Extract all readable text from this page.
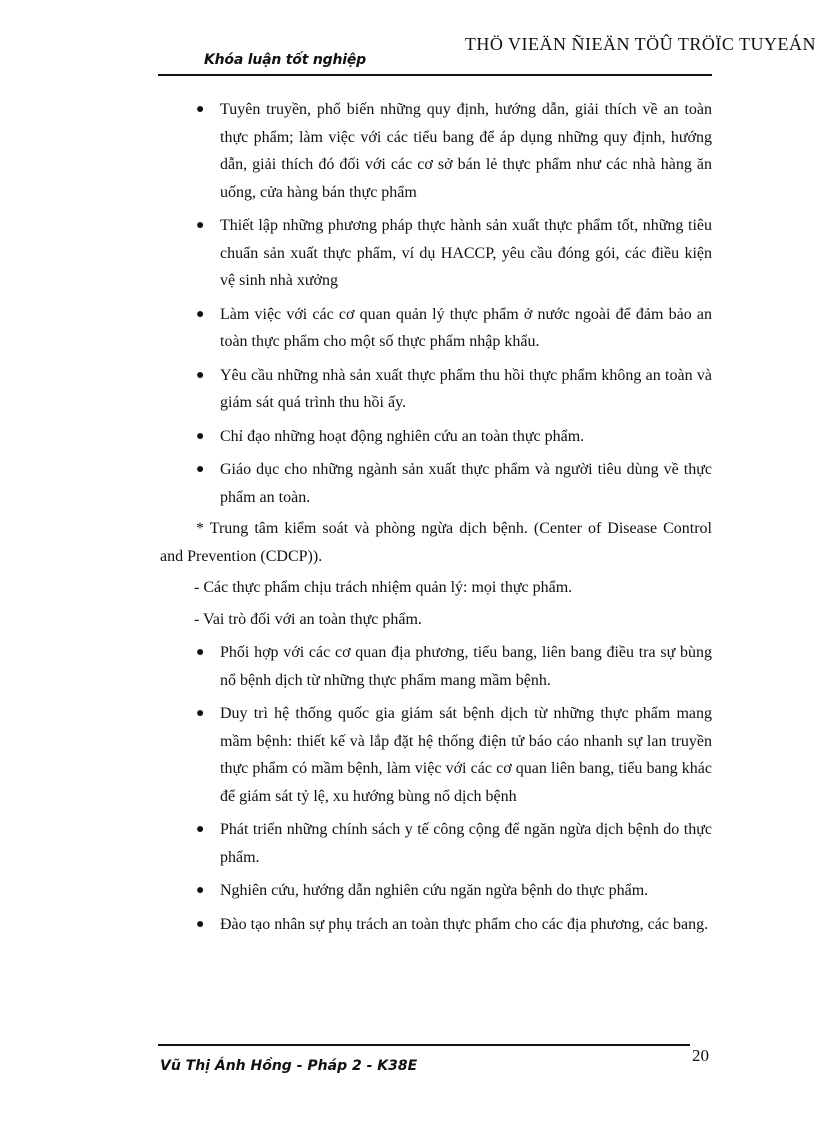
Khóa luận tốt nghiệp
THÖ VIEÄN ÑIEÄN TÖÛ TRÖÏC TUYEÁN
● Tuyên truyền, phổ biến những quy định, hướng dẫn, giải thích về an toàn thực phẩm; làm việc với các tiểu bang để áp dụng những quy định, hướng dẫn, giải thích đó đối với các cơ sở bán lẻ thực phẩm như các nhà hàng ăn uống, cửa hàng bán thực phẩm
● Thiết lập những phương pháp thực hành sản xuất thực phẩm tốt, những tiêu chuẩn sản xuất thực phẩm, ví dụ HACCP, yêu cầu đóng gói, các điều kiện vệ sinh nhà xưởng
● Làm việc với các cơ quan quản lý thực phẩm ở nước ngoài để đảm bảo an toàn thực phẩm cho một số thực phẩm nhập khẩu.
● Yêu cầu những nhà sản xuất thực phẩm thu hồi thực phẩm không an toàn và giám sát quá trình thu hồi ấy.
● Chỉ đạo những hoạt động nghiên cứu an toàn thực phẩm.
● Giáo dục cho những ngành sản xuất thực phẩm và người tiêu dùng về thực phẩm an toàn.
* Trung tâm kiểm soát và phòng ngừa dịch bệnh. (Center of Disease Control and Prevention (CDCP)).
- Các thực phẩm chịu trách nhiệm quản lý: mọi thực phẩm.
- Vai trò đối với an toàn thực phẩm.
● Phối hợp với các cơ quan địa phương, tiểu bang, liên bang điều tra sự bùng nổ bệnh dịch từ những thực phẩm mang mầm bệnh.
● Duy trì hệ thống quốc gia giám sát bệnh dịch từ những thực phẩm mang mầm bệnh: thiết kế và lắp đặt hệ thống điện tử báo cáo nhanh sự lan truyền thực phẩm có mầm bệnh, làm việc với các cơ quan liên bang, tiểu bang khác để giám sát tỷ lệ, xu hướng bùng nổ dịch bệnh
● Phát triển những chính sách y tế công cộng để ngăn ngừa dịch bệnh do thực phẩm.
● Nghiên cứu, hướng dẫn nghiên cứu ngăn ngừa bệnh do thực phẩm.
● Đào tạo nhân sự phụ trách an toàn thực phẩm cho các địa phương, các bang.
Vũ Thị Ánh Hồng - Pháp 2 - K38E
20
